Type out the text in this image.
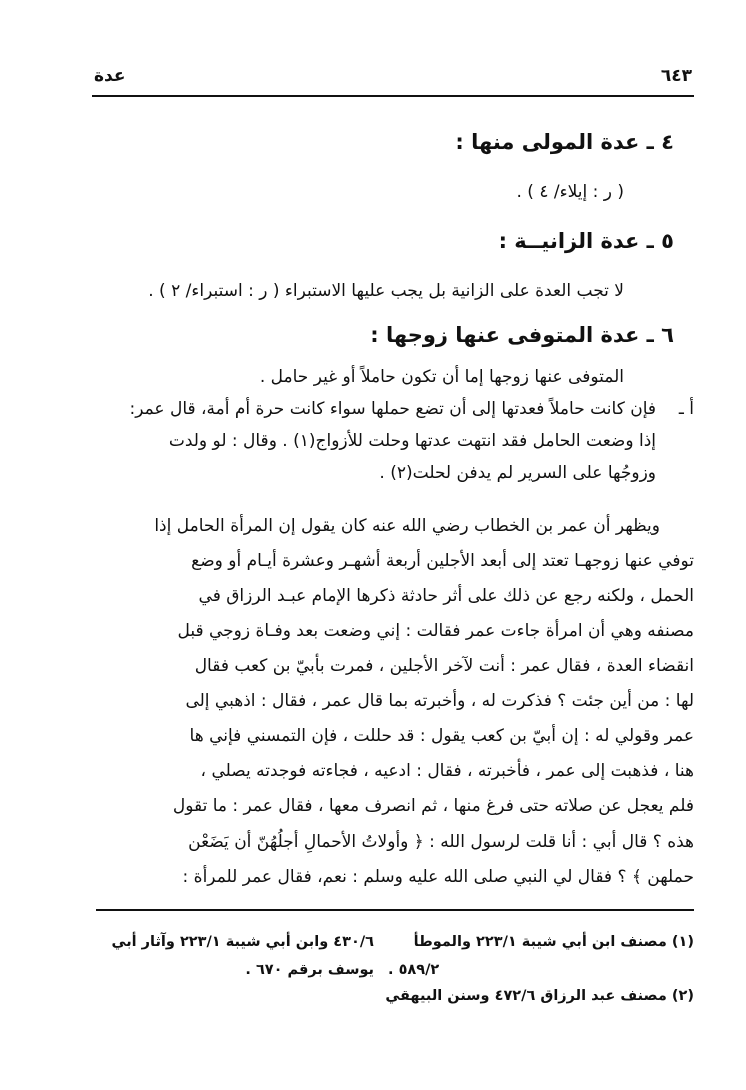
٦٤٣
عدة
٤ ـ عدة المولى منها :
( ر : إيلاء/ ٤ ) .
٥ ـ عدة الزانيــة :
لا تجب العدة على الزانية بل يجب عليها الاستبراء ( ر : استبراء/ ٢ ) .
٦ ـ عدة المتوفى عنها زوجها :
المتوفى عنها زوجها إما أن تكون حاملاً أو غير حامل .
أ ـ
فإن كانت حاملاً فعدتها إلى أن تضع حملها سواء كانت حرة أم أمة، قال عمر:
إذا وضعت الحامل فقد انتهت عدتها وحلت للأزواج(١) . وقال : لو ولدت
وزوجُها على السرير لم يدفن لحلت(٢) .
ويظهر أن عمر بن الخطاب رضي الله عنه كان يقول إن المرأة الحامل إذا
توفي عنها زوجهـا تعتد إلى أبعد الأجلين أربعة أشهـر وعشرة أيـام أو وضع
الحمل ، ولكنه رجع عن ذلك على أثر حادثة ذكرها الإمام عبـد الرزاق في
مصنفه وهي أن امرأة جاءت عمر فقالت : إني وضعت بعد وفـاة زوجي قبل
انقضاء العدة ، فقال عمر : أنت لآخر الأجلين ، فمرت بأبيّ بن كعب فقال
لها : من أين جئت ؟ فذكرت له ، وأخبرته بما قال عمر ، فقال : اذهبي إلى
عمر وقولي له : إن أبيّ بن كعب يقول : قد حللت ، فإن التمسني فإني ها
هنا ، فذهبت إلى عمر ، فأخبرته ، فقال : ادعيه ، فجاءته فوجدته يصلي ،
فلم يعجل عن صلاته حتى فرغ منها ، ثم انصرف معها ، فقال عمر : ما تقول
هذه ؟ قال أبي : أنا قلت لرسول الله : ﴿ وأولاتُ الأحمالِ أجلُهُنّ أن يَضَعْن
حملهن ﴾ ؟ فقال لي النبي صلى الله عليه وسلم : نعم، فقال عمر للمرأة :
(١) مصنف ابن أبي شيبة ٢٢٣/١ والموطأ
٥٨٩/٢ .
٤٣٠/٦ وابن أبي شيبة ٢٢٣/١ وآثار أبي
يوسف برقم ٦٧٠ .
(٢) مصنف عبد الرزاق ٤٧٢/٦ وسنن البيهقي
